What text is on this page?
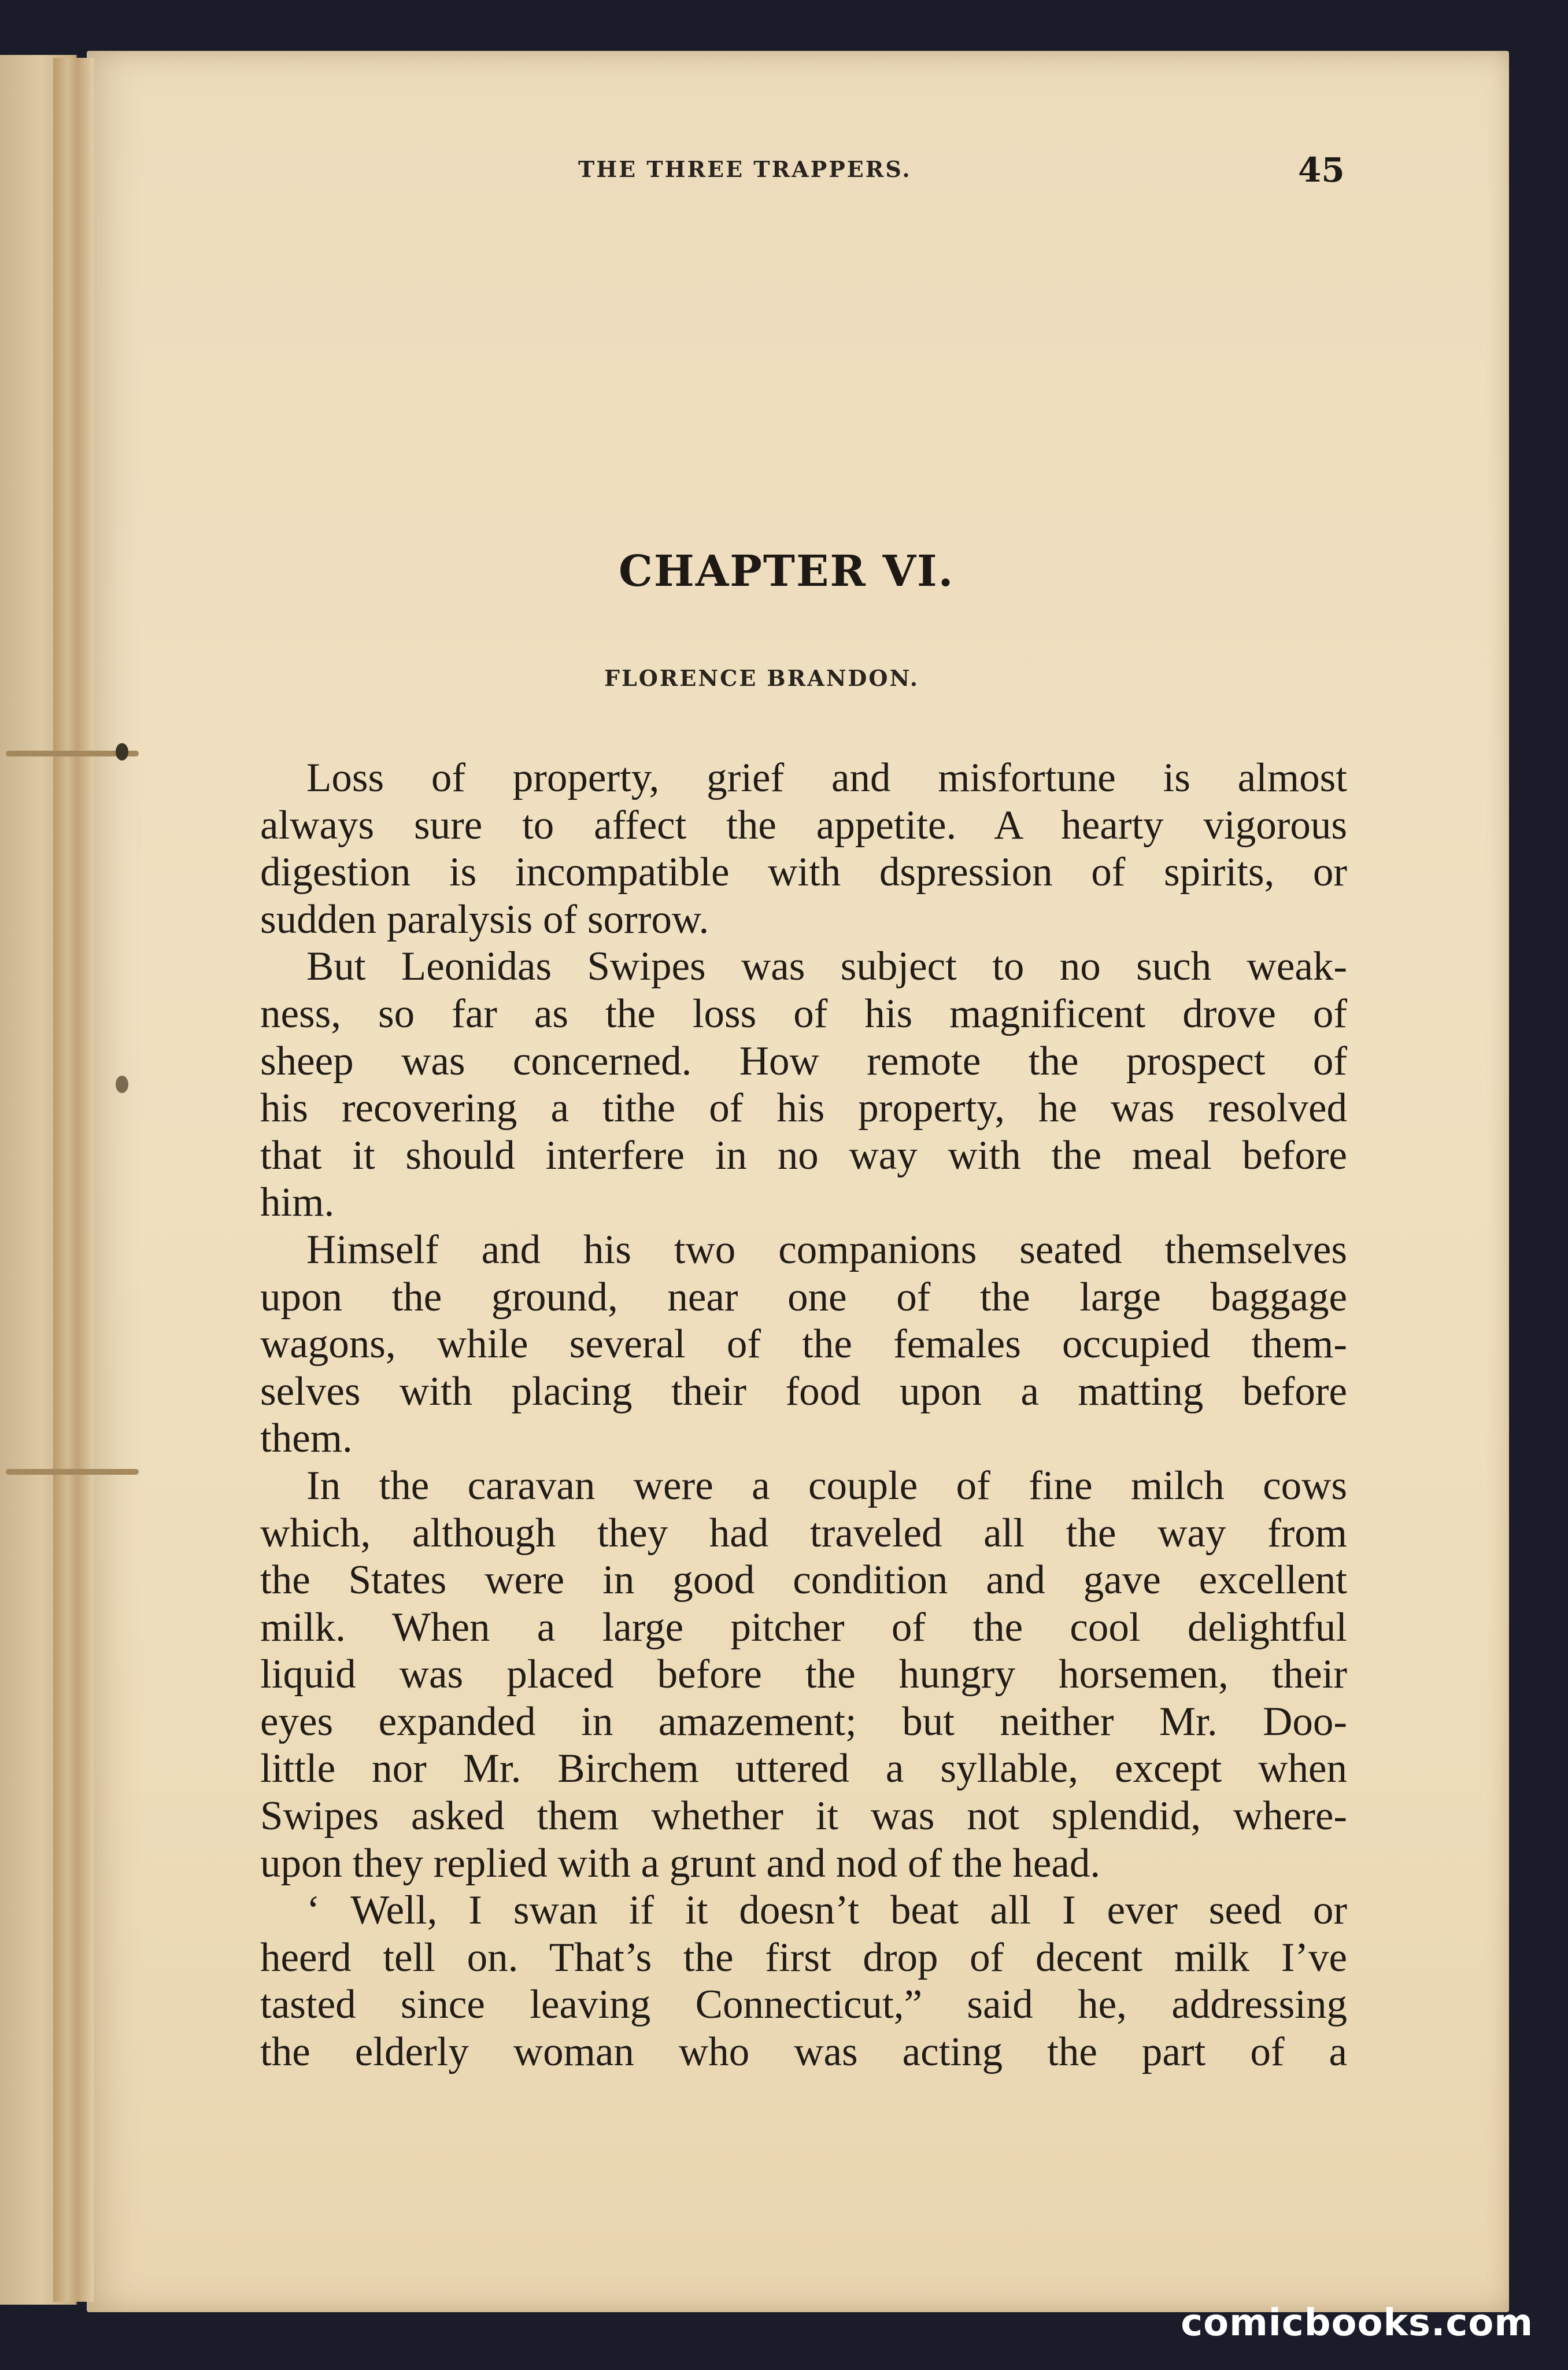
THE THREE TRAPPERS.	45
CHAPTER VI.
FLORENCE BRANDON.
Loss of property, grief and misfortune is almost
always sure to affect the appetite. A hearty vigorous
digestion is incompatible with dspression of spirits, or
sudden paralysis of sorrow.
But Leonidas Swipes was subject to no such weak-
ness, so far as the loss of his magnificent drove of
sheep was concerned. How remote the prospect of
his recovering a tithe of his property, he was resolved
that it should interfere in no way with the meal before
him.
Himself and his two companions seated themselves
upon the ground, near one of the large baggage
wagons, while several of the females occupied them-
selves with placing their food upon a matting before
them.
In the caravan were a couple of fine milch cows
which, although they had traveled all the way from
the States were in good condition and gave excellent
milk. When a large pitcher of the cool delightful
liquid was placed before the hungry horsemen, their
eyes expanded in amazement; but neither Mr. Doo-
little nor Mr. Birchem uttered a syllable, except when
Swipes asked them whether it was not splendid, where-
upon they replied with a grunt and nod of the head.
‘ Well, I swan if it doesn’t beat all I ever seed or
heerd tell on. That’s the first drop of decent milk I’ve
tasted since leaving Connecticut,” said he, addressing
the elderly woman who was acting the part of a
comicbooks.com
